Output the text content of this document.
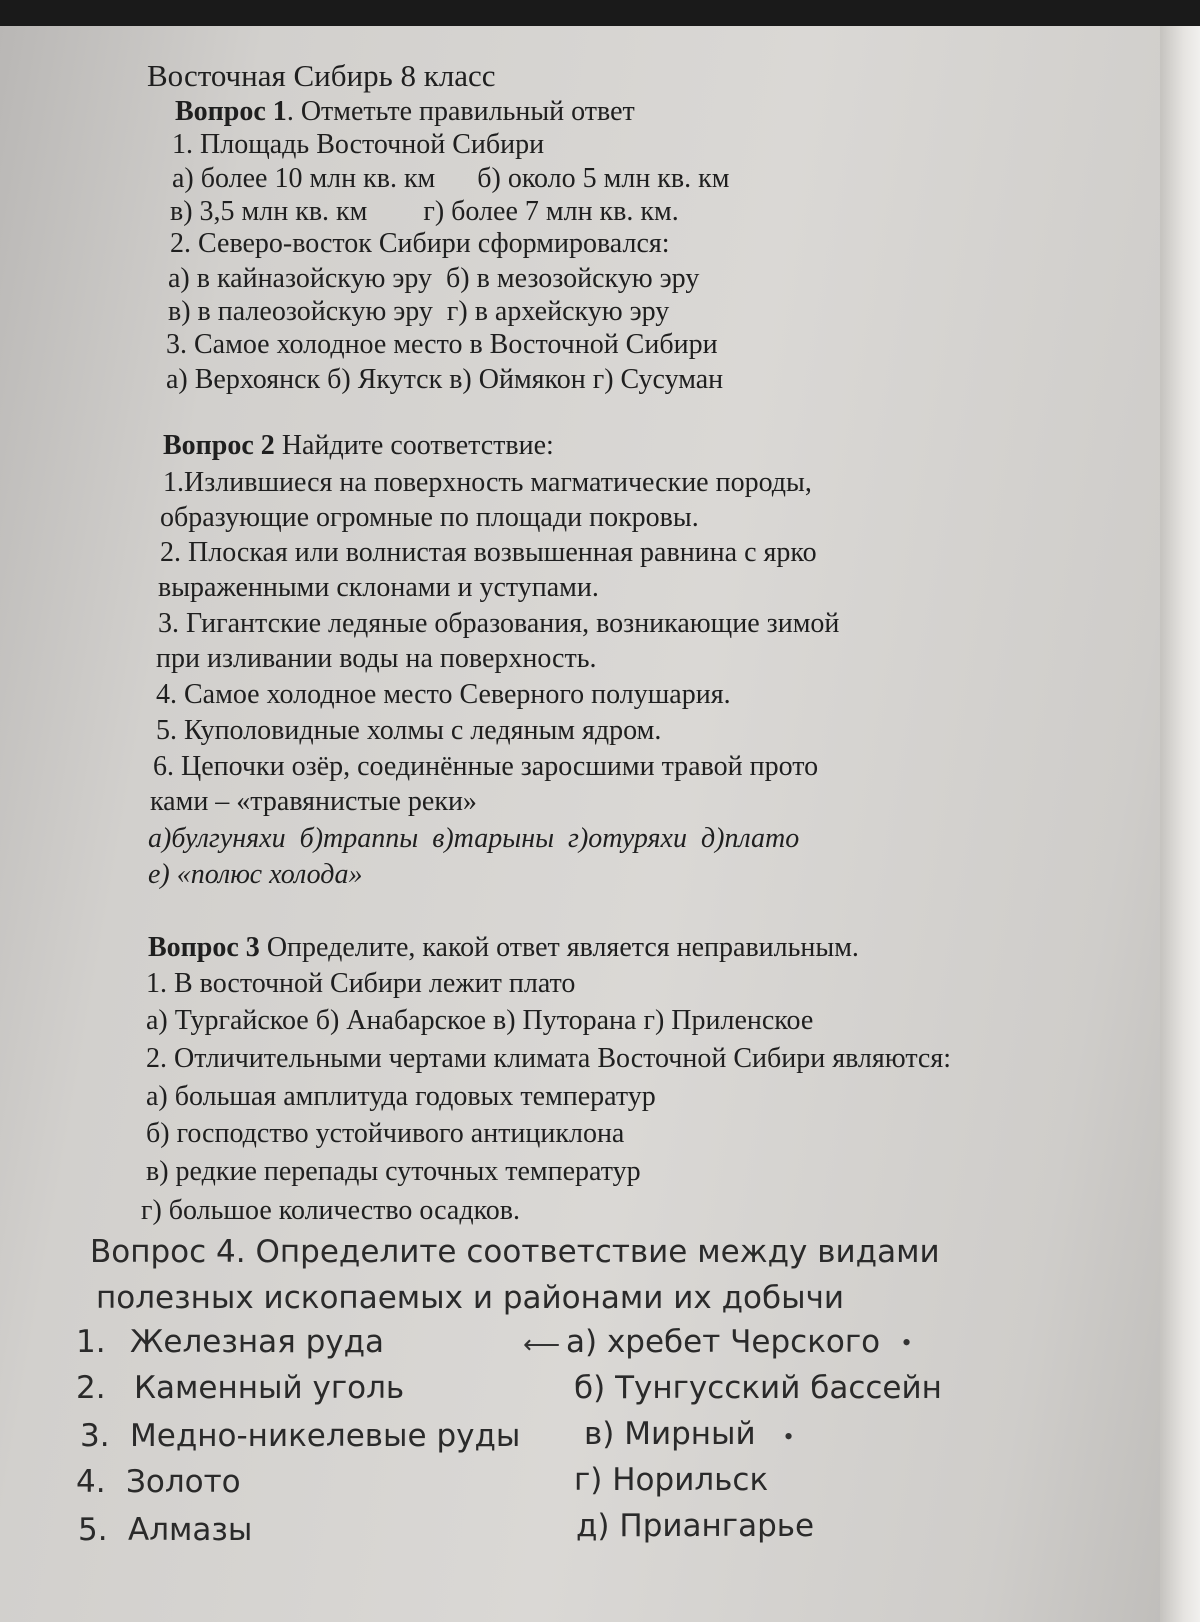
Восточная Сибирь 8 класс
Вопрос 1. Отметьте правильный ответ
1. Площадь Восточной Сибири
а) более 10 млн кв. км      б) около 5 млн кв. км
в) 3,5 млн кв. км        г) более 7 млн кв. км.
2. Северо-восток Сибири сформировался:
а) в кайназойскую эру  б) в мезозойскую эру
в) в палеозойскую эру  г) в архейскую эру
3. Самое холодное место в Восточной Сибири
а) Верхоянск б) Якутск в) Оймякон г) Сусуман
Вопрос 2 Найдите соответствие:
1.Излившиеся на поверхность магматические породы,
образующие огромные по площади покровы.
2. Плоская или волнистая возвышенная равнина с ярко
выраженными склонами и уступами.
3. Гигантские ледяные образования, возникающие зимой
при изливании воды на поверхность.
4. Самое холодное место Северного полушария.
5. Куполовидные холмы с ледяным ядром.
6. Цепочки озёр, соединённые заросшими травой прото
ками – «травянистые реки»
а)булгуняхи  б)траппы  в)тарыны  г)отуряхи  д)плато
е) «полюс холода»
Вопрос 3 Определите, какой ответ является неправильным.
1. В восточной Сибири лежит плато
а) Тургайское б) Анабарское в) Путорана г) Приленское
2. Отличительными чертами климата Восточной Сибири являются:
а) большая амплитуда годовых температур
б) господство устойчивого антициклона
в) редкие перепады суточных температур
г) большое количество осадков.
Вопрос 4. Определите соответствие между видами
полезных ископаемых и районами их добычи
1. Железная руда
2. Каменный уголь
3. Медно-никелевые руды
4. Золото
5. Алмазы
⟵ а) хребет Черского •
б) Тунгусский бассейн
в) Мирный •
г) Норильск
д) Приангарье
